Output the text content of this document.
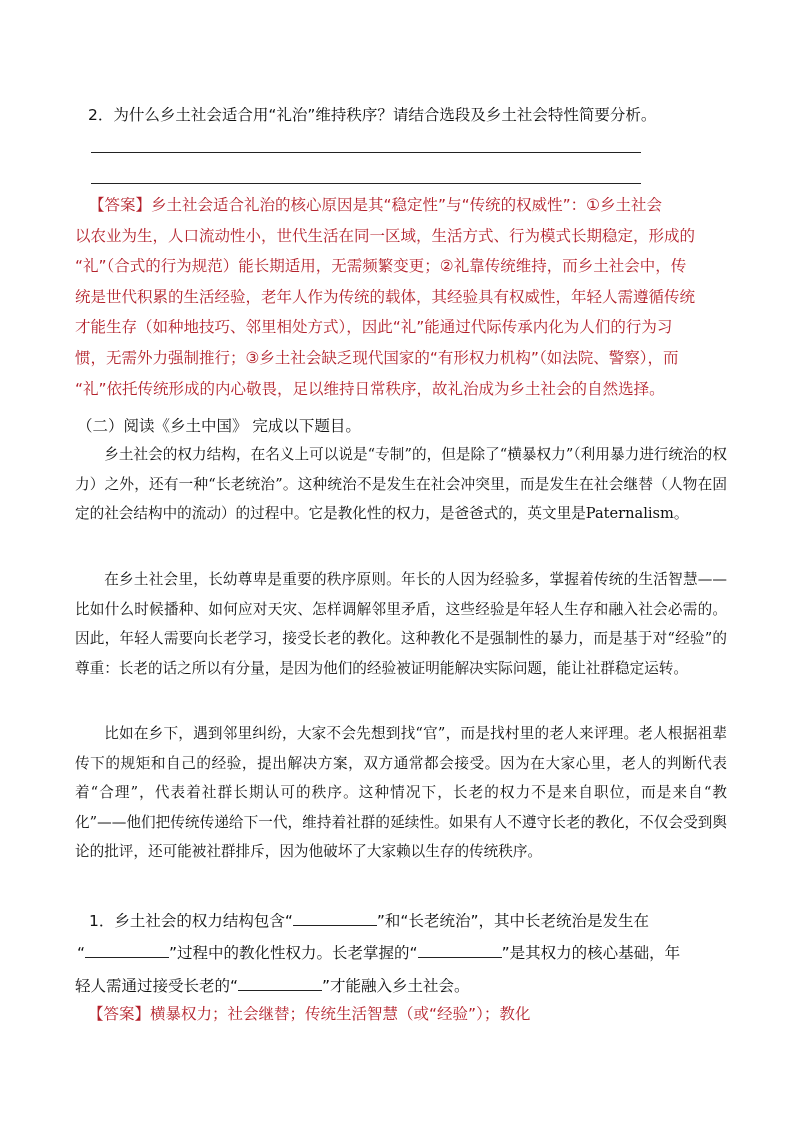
2．为什么乡土社会适合用“礼治”维持秩序？请结合选段及乡土社会特性简要分析。
【答案】乡土社会适合礼治的核心原因是其“稳定性”与“传统的权威性”：①乡土社会
以农业为生，人口流动性小，世代生活在同一区域，生活方式、行为模式长期稳定，形成的
“礼”（合式的行为规范）能长期适用，无需频繁变更；②礼靠传统维持，而乡土社会中，传
统是世代积累的生活经验，老年人作为传统的载体，其经验具有权威性，年轻人需遵循传统
才能生存（如种地技巧、邻里相处方式），因此“礼”能通过代际传承内化为人们的行为习
惯，无需外力强制推行；③乡土社会缺乏现代国家的“有形权力机构”（如法院、警察），而
“礼”依托传统形成的内心敬畏，足以维持日常秩序，故礼治成为乡土社会的自然选择。
（二）阅读《乡土中国》 完成以下题目。

乡土社会的权力结构，在名义上可以说是“专制”的，但是除了“横暴权力”（利用暴力进行统治的权力）之外，还有一种“长老统治”。这种统治不是发生在社会冲突里，而是发生在社会继替（人物在固定的社会结构中的流动）的过程中。它是教化性的权力，是爸爸式的，英文里是Paternalism。

在乡土社会里，长幼尊卑是重要的秩序原则。年长的人因为经验多，掌握着传统的生活智慧——比如什么时候播种、如何应对天灾、怎样调解邻里矛盾，这些经验是年轻人生存和融入社会必需的。因此，年轻人需要向长老学习，接受长老的教化。这种教化不是强制性的暴力，而是基于对“经验”的尊重：长老的话之所以有分量，是因为他们的经验被证明能解决实际问题，能让社群稳定运转。

比如在乡下，遇到邻里纠纷，大家不会先想到找“官”，而是找村里的老人来评理。老人根据祖辈传下的规矩和自己的经验，提出解决方案，双方通常都会接受。因为在大家心里，老人的判断代表着“合理”，代表着社群长期认可的秩序。这种情况下，长老的权力不是来自职位，而是来自“教化”——他们把传统传递给下一代，维持着社群的延续性。如果有人不遵守长老的教化，不仅会受到舆论的批评，还可能被社群排斥，因为他破坏了大家赖以生存的传统秩序。

1．乡土社会的权力结构包含“	”和“长老统治”，其中长老统治是发生在
“	”过程中的教化性权力。长老掌握的“	”是其权力的核心基础，年
轻人需通过接受长老的“	”才能融入乡土社会。
【答案】横暴权力；社会继替；传统生活智慧（或“经验”）；教化
